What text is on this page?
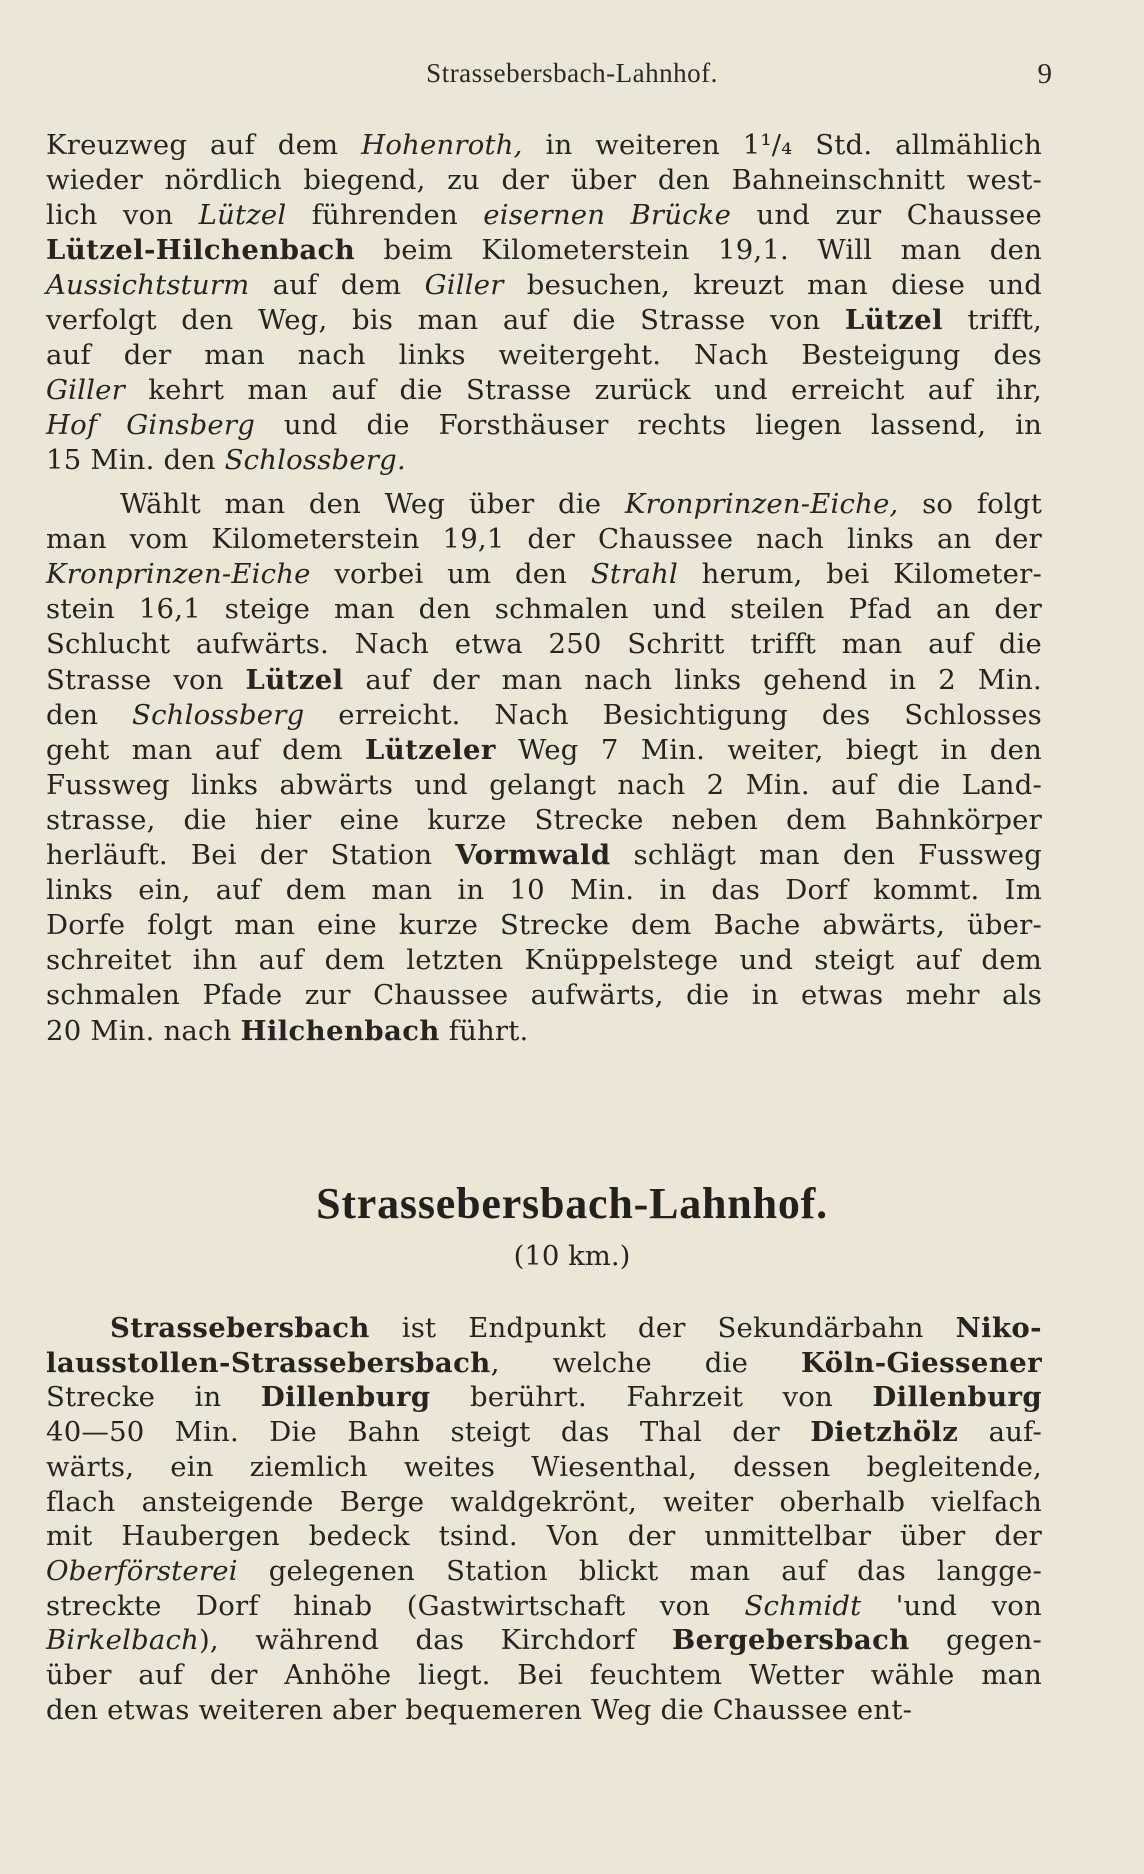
Strassebersbach-Lahnhof.	9
Kreuzweg auf dem Hohenroth, in weiteren 1¹/₄ Std. allmählich
wieder nördlich biegend, zu der über den Bahneinschnitt west-
lich von Lützel führenden eisernen Brücke und zur Chaussee
Lützel-Hilchenbach beim Kilometerstein 19,1. Will man den
Aussichtsturm auf dem Giller besuchen, kreuzt man diese und
verfolgt den Weg, bis man auf die Strasse von Lützel trifft,
auf der man nach links weitergeht. Nach Besteigung des
Giller kehrt man auf die Strasse zurück und erreicht auf ihr,
Hof Ginsberg und die Forsthäuser rechts liegen lassend, in
15 Min. den Schlossberg.
Wählt man den Weg über die Kronprinzen-Eiche, so folgt
man vom Kilometerstein 19,1 der Chaussee nach links an der
Kronprinzen-Eiche vorbei um den Strahl herum, bei Kilometer-
stein 16,1 steige man den schmalen und steilen Pfad an der
Schlucht aufwärts. Nach etwa 250 Schritt trifft man auf die
Strasse von Lützel auf der man nach links gehend in 2 Min.
den Schlossberg erreicht. Nach Besichtigung des Schlosses
geht man auf dem Lützeler Weg 7 Min. weiter, biegt in den
Fussweg links abwärts und gelangt nach 2 Min. auf die Land-
strasse, die hier eine kurze Strecke neben dem Bahnkörper
herläuft. Bei der Station Vormwald schlägt man den Fussweg
links ein, auf dem man in 10 Min. in das Dorf kommt. Im
Dorfe folgt man eine kurze Strecke dem Bache abwärts, über-
schreitet ihn auf dem letzten Knüppelstege und steigt auf dem
schmalen Pfade zur Chaussee aufwärts, die in etwas mehr als
20 Min. nach Hilchenbach führt.
Strassebersbach-Lahnhof.
(10 km.)
Strassebersbach ist Endpunkt der Sekundärbahn Niko-
lausstollen-Strassebersbach, welche die Köln-Giessener
Strecke in Dillenburg berührt. Fahrzeit von Dillenburg
40—50 Min. Die Bahn steigt das Thal der Dietzhölz auf-
wärts, ein ziemlich weites Wiesenthal, dessen begleitende,
flach ansteigende Berge waldgekrönt, weiter oberhalb vielfach
mit Haubergen bedeck tsind. Von der unmittelbar über der
Oberförsterei gelegenen Station blickt man auf das langge-
streckte Dorf hinab (Gastwirtschaft von Schmidt 'und von
Birkelbach), während das Kirchdorf Bergebersbach gegen-
über auf der Anhöhe liegt. Bei feuchtem Wetter wähle man
den etwas weiteren aber bequemeren Weg die Chaussee ent-
